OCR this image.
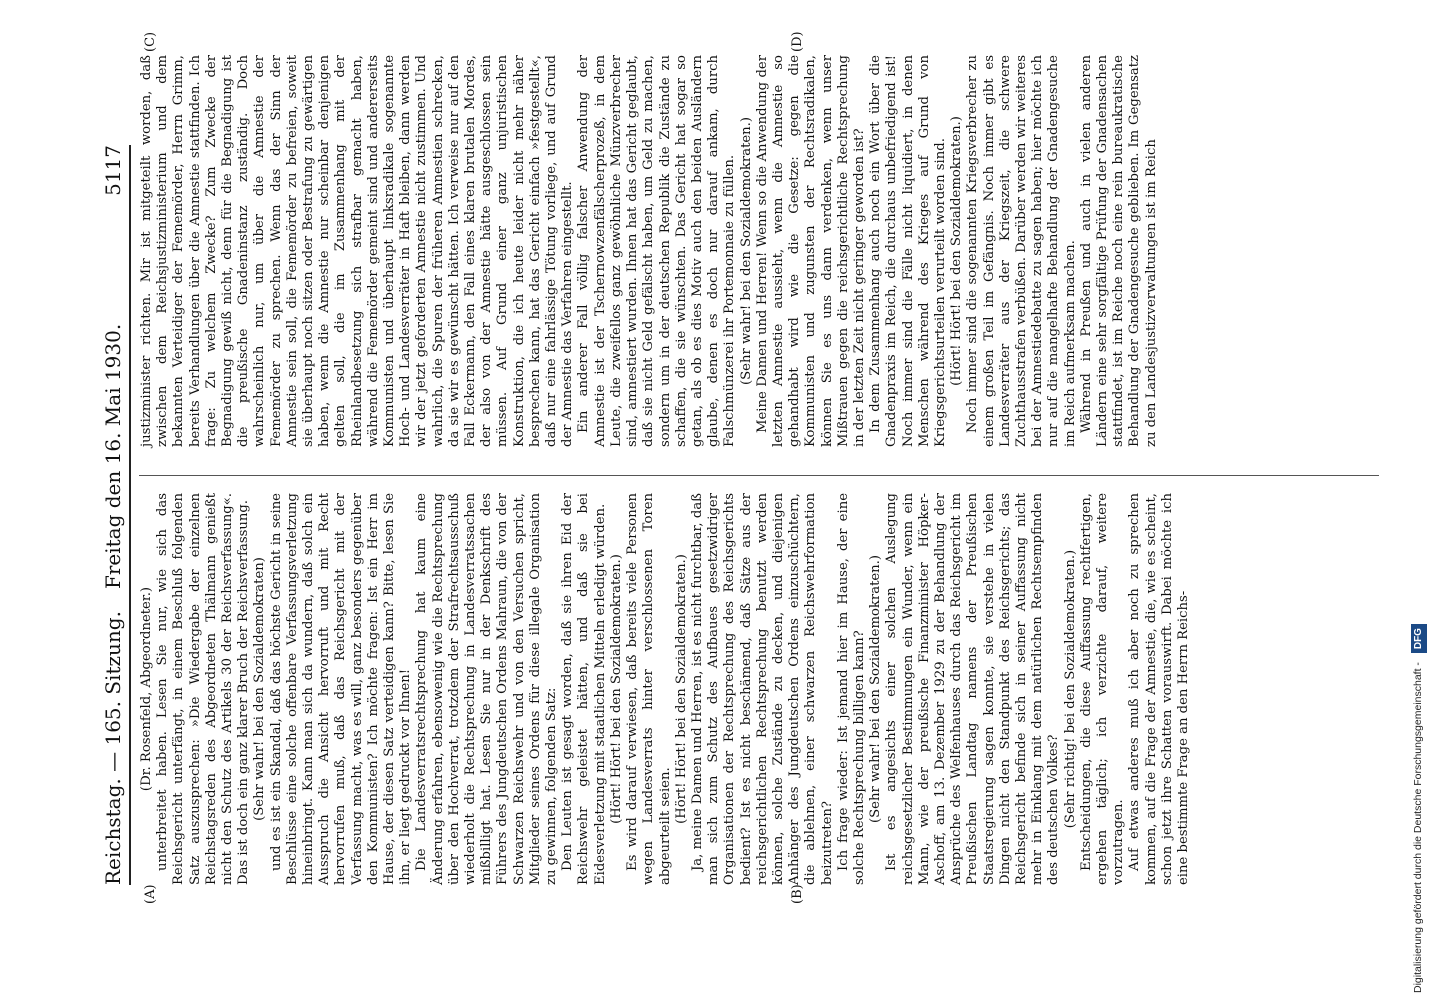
Reichstag. — 165. Sitzung.
Freitag den 16. Mai 1930.
5117
(A)	(B)
(C)	(D)

(Dr. Rosenfeld, Abgeordneter.) unterbreitet haben. Lesen Sie nur, wie sich das Reichsgericht unterfängt, in einem Beschluß folgenden Satz auszusprechen: »Die Wiedergabe der einzelnen Reichstagsreden des Abgeordneten Thälmann genießt nicht den Schutz des Artikels 30 der Reichsverfassung«. Das ist doch ein ganz klarer Bruch der Reichsverfassung. (Sehr wahr! bei den Sozialdemokraten) und es ist ein Skandal, daß das höchste Gericht in seine Beschlüsse eine solche offenbare Verfassungsverletzung hineinbringt. Kann man sich da wundern, daß solch ein Ausspruch die Ansicht hervorruft und mit Recht hervorrufen muß, daß das Reichsgericht mit der Verfassung macht, was es will, ganz besonders gegenüber den Kommunisten? Ich möchte fragen: Ist ein Herr im Hause, der diesen Satz verteidigen kann? Bitte, lesen Sie ihn, er liegt gedruckt vor Ihnen! Die Landesverratsrechtsprechung hat kaum eine Änderung erfahren, ebensowenig wie die Rechtsprechung über den Hochverrat, trotzdem der Strafrechtsausschuß wiederholt die Rechtsprechung in Landesverratssachen mißbilligt hat. Lesen Sie nur in der Denkschrift des Führers des Jungdeutschen Ordens Mahraun, die von der Schwarzen Reichswehr und von den Versuchen spricht, Mitglieder seines Ordens für diese illegale Organisation zu gewinnen, folgenden Satz: Den Leuten ist gesagt worden, daß sie ihren Eid der Reichswehr geleistet hätten, und daß sie bei Eidesverletzung mit staatlichen Mitteln erledigt würden. (Hört! Hört! bei den Sozialdemokraten.) Es wird darauf verwiesen, daß bereits viele Personen wegen Landesverrats hinter verschlossenen Toren abgeurteilt seien.

(Hört! Hört! bei den Sozialdemokraten.) Ja, meine Damen und Herren, ist es nicht furchtbar, daß man sich zum Schutz des Aufbaues gesetzwidriger Organisationen der Rechtsprechung des Reichsgerichts bedient? Ist es nicht beschämend, daß Sätze aus der reichsgerichtlichen Rechtsprechung benutzt werden können, solche Zustände zu decken, und diejenigen Anhänger des Jungdeutschen Ordens einzuschüchtern, die ablehnen, einer schwarzen Reichswehrformation beizutreten? Ich frage wieder: Ist jemand hier im Hause, der eine solche Rechtsprechung billigen kann? (Sehr wahr! bei den Sozialdemokraten.) Ist es angesichts einer solchen Auslegung reichsgesetzlicher Bestimmungen ein Wunder, wenn ein Mann, wie der preußische Finanzminister Höpker-Aschoff, am 13. Dezember 1929 zu der Behandlung der Ansprüche des Welfenhauses durch das Reichsgericht im Preußischen Landtag namens der Preußischen Staatsregierung sagen konnte, sie verstehe in vielen Dingen nicht den Standpunkt des Reichsgerichts; das Reichsgericht befinde sich in seiner Auffassung nicht mehr in Einklang mit dem natürlichen Rechtsempfinden des deutschen Volkes? (Sehr richtig! bei den Sozialdemokraten.) Entscheidungen, die diese Auffassung rechtfertigen, ergehen täglich; ich verzichte darauf, weitere vorzutragen. Auf etwas anderes muß ich aber noch zu sprechen kommen, auf die Frage der Amnestie, die, wie es scheint, schon jetzt ihre Schatten vorauswirft. Dabei möchte ich eine bestimmte Frage an den Herrn Reichs-

justizminister richten. Mir ist mitgeteilt worden, daß zwischen dem Reichsjustizministerium und dem bekannten Verteidiger der Fememörder, Herrn Grimm, bereits Verhandlungen über die Amnestie stattfinden. Ich frage: Zu welchem Zwecke? Zum Zwecke der Begnadigung gewiß nicht, denn für die Begnadigung ist die preußische Gnadeninstanz zuständig. Doch wahrscheinlich nur, um über die Amnestie der Fememörder zu sprechen. Wenn das der Sinn der Amnestie sein soll, die Fememörder zu befreien, soweit sie überhaupt noch sitzen oder Bestrafung zu gewärtigen haben, wenn die Amnestie nur scheinbar denjenigen gelten soll, die im Zusammenhang mit der Rheinlandbesetzung sich strafbar gemacht haben, während die Fememörder gemeint sind und andererseits Kommunisten und überhaupt linksradikale sogenannte Hoch- und Landesverräter in Haft bleiben, dann werden wir der jetzt geforderten Amnestie nicht zustimmen. Und wahrlich, die Spuren der früheren Amnestien schrecken, da sie wir es gewünscht hätten. Ich verweise nur auf den Fall Eckermann, den Fall eines klaren brutalen Mordes, der also von der Amnestie hätte ausgeschlossen sein müssen. Auf Grund einer ganz unjuristischen Konstruktion, die ich heute leider nicht mehr näher besprechen kann, hat das Gericht einfach »festgestellt«, daß nur eine fahrlässige Tötung vorliege, und auf Grund der Amnestie das Verfahren eingestellt. Ein anderer Fall völlig falscher Anwendung der Amnestie ist der Tschernowzenfälscherprozeß, in dem Leute, die zweifellos ganz gewöhnliche Münzverbrecher sind, amnestiert wurden. Ihnen hat das Gericht geglaubt, daß sie nicht Geld gefälscht haben, um Geld zu machen, sondern um in der deutschen Republik die Zustände zu schaffen, die sie wünschten. Das Gericht hat sogar so getan, als ob es dies Motiv auch den beiden Ausländern glaube, denen es doch nur darauf ankam, durch Falschmünzerei ihr Portemonnaie zu füllen. (Sehr wahr! bei den Sozialdemokraten.) Meine Damen und Herren! Wenn so die Anwendung der letzten Amnestie aussieht, wenn die Amnestie so gehandhabt wird wie die Gesetze: gegen die Kommunisten und zugunsten der Rechtsradikalen, können Sie es uns dann verdenken, wenn unser Mißtrauen gegen die reichsgerichtliche Rechtsprechung in der letzten Zeit nicht geringer geworden ist? In dem Zusammenhang auch noch ein Wort über die Gnadenpraxis im Reich, die durchaus unbefriedigend ist! Noch immer sind die Fälle nicht liquidiert, in denen Menschen während des Krieges auf Grund von Kriegsgerichtsurteilen verurteilt worden sind. (Hört! Hört! bei den Sozialdemokraten.) Noch immer sind die sogenannten Kriegsverbrecher zu einem großen Teil im Gefängnis. Noch immer gibt es Landesverräter aus der Kriegszeit, die schwere Zuchthausstrafen verbüßen. Darüber werden wir weiteres bei der Amnestiedebatte zu sagen haben; hier möchte ich nur auf die mangelhafte Behandlung der Gnadengesuche im Reich aufmerksam machen. Während in Preußen und auch in vielen anderen Ländern eine sehr sorgfältige Prüfung der Gnadensachen stattfindet, ist im Reiche noch eine rein bureaukratische Behandlung der Gnadengesuche geblieben. Im Gegensatz zu den Landesjustizverwaltungen ist im Reich

Digitalisierung gefördert durch die Deutsche Forschungsgemeinschaft - DFG
